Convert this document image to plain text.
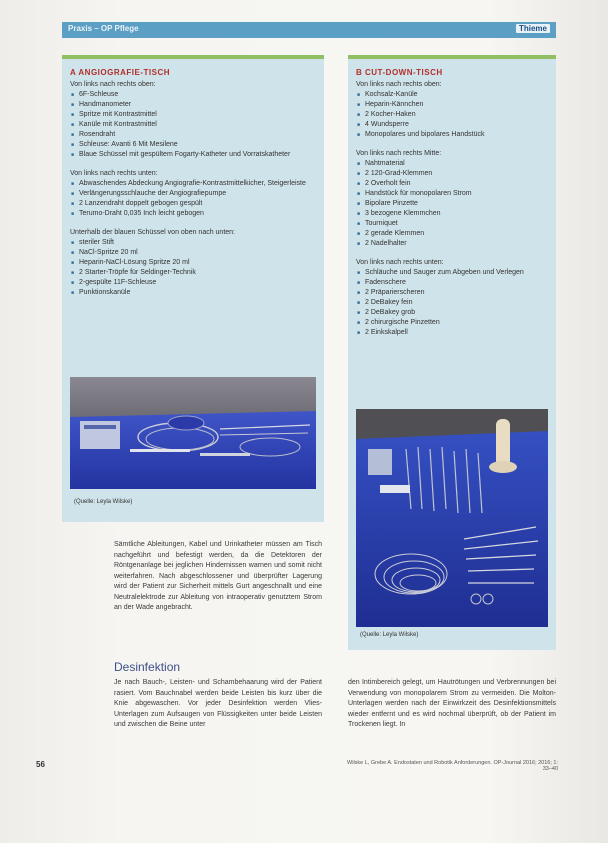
Praxis – OP Pflege	Thieme
A ANGIOGRAFIE-TISCH
Von links nach rechts oben:
■ 6F-Schleuse
■ Handmanometer
■ Spritze mit Kontrastmittel
■ Kanüle mit Kontrastmittel
■ Rosendraht
■ Schleuse: Avanti 6 Mit Mesilene
■ Blaue Schüssel mit gespültem Fogarty-Katheter und Vorratskatheter
Von links nach rechts unten:
■ Abwaschendes Abdeckung Angiografie-Kontrastmittelkicher, Steigerleiste
■ Verlängerungsschlauche der Angiografiepumpe
■ 2 Lanzendraht doppelt gebogen gespült
■ Terumo-Draht 0,035 Inch leicht gebogen
Unterhalb der blauen Schüssel von oben nach unten:
■ steriler Stift
■ NaCl-Spritze 20 ml
■ Heparin-NaCl-Lösung Spritze 20 ml
■ 2 Starter-Tröpfe für Seldinger-Technik
■ 2-gespülte 11F-Schleuse
■ Punktionskanüle
(Quelle: Leyla Wilske)
B CUT-DOWN-TISCH
Von links nach rechts oben:
■ Kochsalz-Kanüle
■ Heparin-Kännchen
■ 2 Kocher-Haken
■ 4 Wundsperre
■ Monopolares und bipolares Handstück
Von links nach rechts Mitte:
■ Nahtmaterial
■ 2 120-Grad-Klemmen
■ 2 Overholt fein
■ Handstück für monopolaren Strom
■ Bipolare Pinzette
■ 3 bezogene Klemmchen
■ Tourniquet
■ 2 gerade Klemmen
■ 2 Nadelhalter
Von links nach rechts unten:
■ Schläuche und Sauger zum Abgeben und Verlegen
■ Fadenschere
■ 2 Präparierscheren
■ 2 DeBakey fein
■ 2 DeBakey grob
■ 2 chirurgische Pinzetten
■ 2 Einkskalpell
(Quelle: Leyla Wilske)
Sämtliche Ableitungen, Kabel und Urinkatheter müssen am Tisch nachgeführt und befestigt werden, da die Detektoren der Röntgenanlage bei jeglichen Hindernissen warnen und somit nicht weiterfahren. Nach abgeschlossener und überprüfter Lagerung wird der Patient zur Sicherheit mittels Gurt angeschnallt und eine Neutralelektrode zur Ableitung von intraoperativ genutztem Strom an der Wade angebracht.
Desinfektion
Je nach Bauch-, Leisten- und Schambehaarung wird der Patient rasiert. Vom Bauchnabel werden beide Leisten bis kurz über die Knie abgewaschen. Vor jeder Desinfektion werden Vlies-Unterlagen zum Aufsaugen von Flüssigkeiten unter beide Leisten und zwischen die Beine unter
den Intimbereich gelegt, um Hautrötungen und Verbrennungen bei Verwendung von monopolarem Strom zu vermeiden. Die Molton-Unterlagen werden nach der Einwirkzeit des Desinfektionsmittels wieder entfernt und es wird nochmal überprüft, ob der Patient im Trockenen liegt. In
56	Wilske L, Grebe A. Endostaten und Robotik Anforderungen. OP-Journal 2016; 2016; 1: 33–40
